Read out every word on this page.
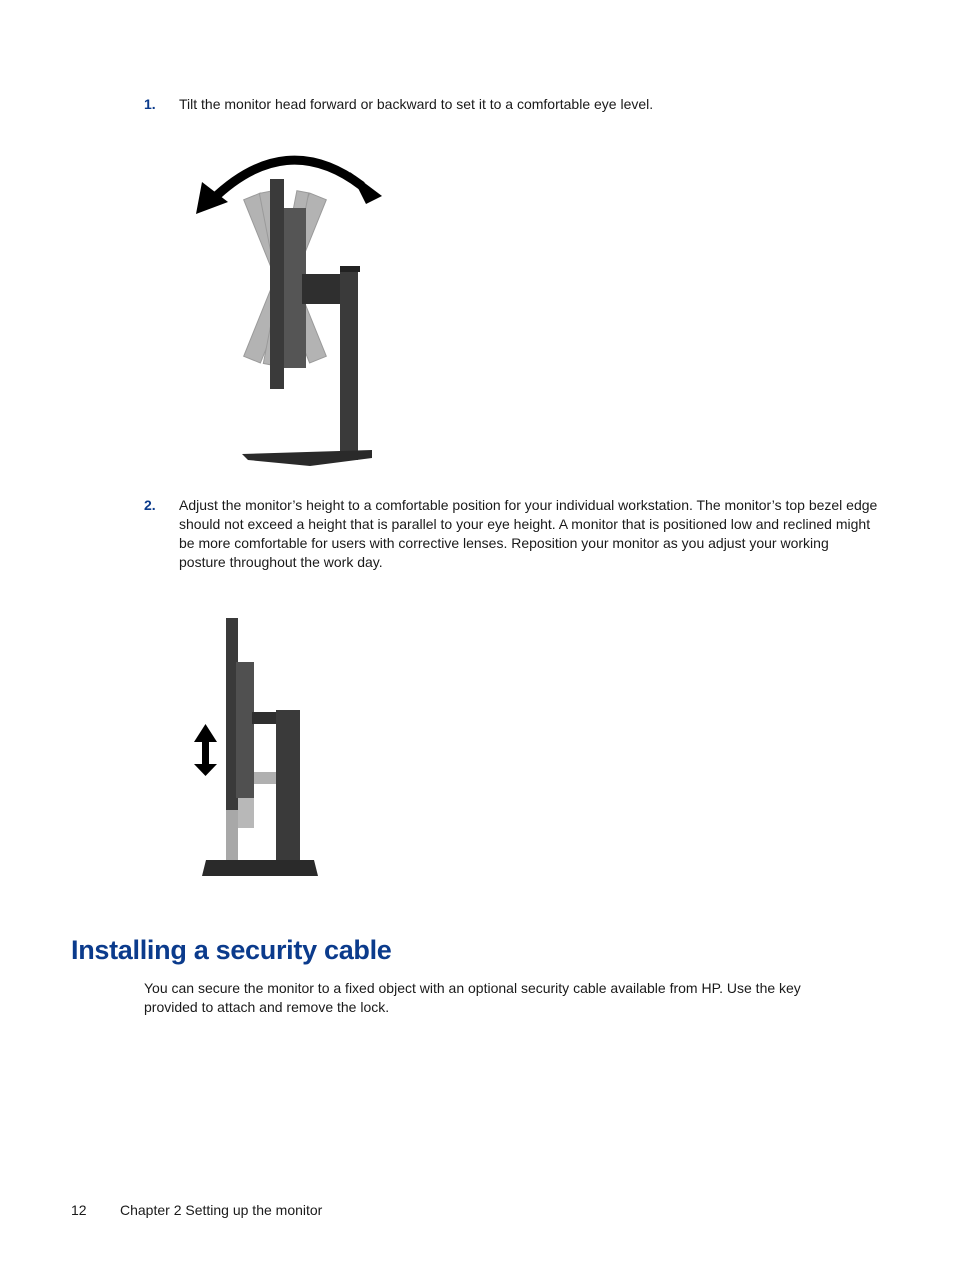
1. Tilt the monitor head forward or backward to set it to a comfortable eye level.
2. Adjust the monitor’s height to a comfortable position for your individual workstation. The monitor’s top bezel edge should not exceed a height that is parallel to your eye height. A monitor that is positioned low and reclined might be more comfortable for users with corrective lenses. Reposition your monitor as you adjust your working posture throughout the work day.
Installing a security cable

You can secure the monitor to a fixed object with an optional security cable available from HP. Use the key provided to attach and remove the lock.

12 Chapter 2 Setting up the monitor
